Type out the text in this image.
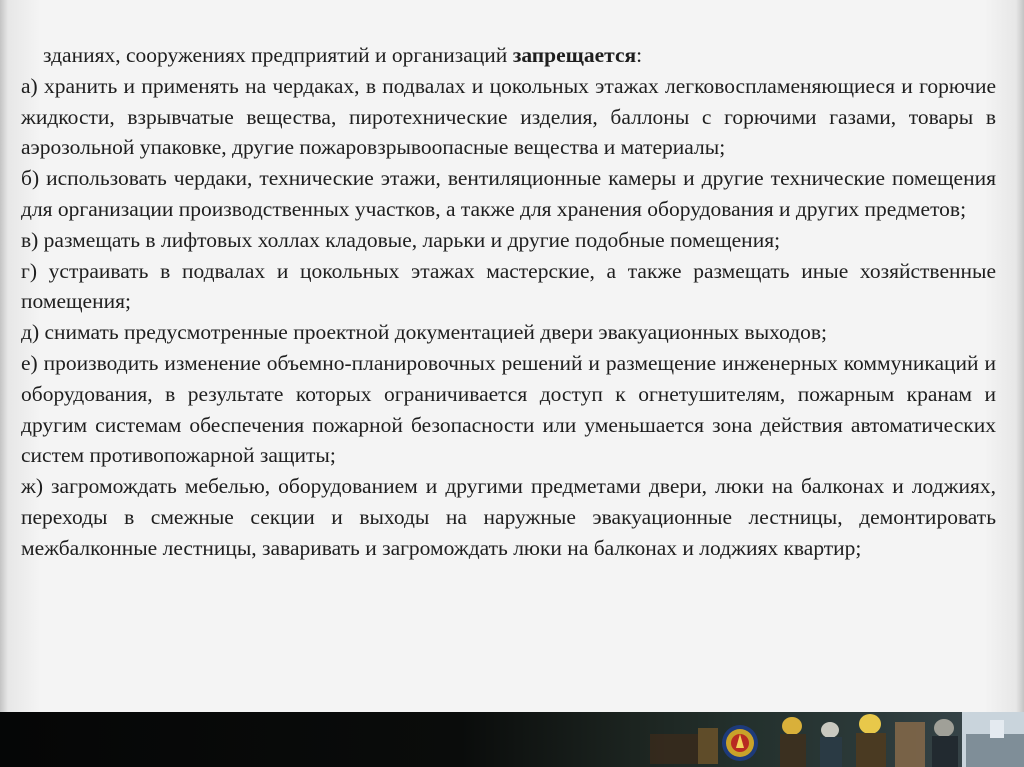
зданиях, сооружениях предприятий и организаций запрещается:

а) хранить и применять на чердаках, в подвалах и цокольных этажах легковоспламеняющиеся и горючие жидкости, взрывчатые вещества, пиротехнические изделия, баллоны с горючими газами, товары в аэрозольной упаковке, другие пожаровзрывоопасные вещества и материалы;

б) использовать чердаки, технические этажи, вентиляционные камеры и другие технические помещения для организации производственных участков, а также для хранения оборудования и других предметов;

в) размещать в лифтовых холлах кладовые, ларьки и другие подобные помещения;

г) устраивать в подвалах и цокольных этажах мастерские, а также размещать иные хозяйственные помещения;

д) снимать предусмотренные проектной документацией двери эвакуационных выходов;

е) производить изменение объемно-планировочных решений и размещение инженерных коммуникаций и оборудования, в результате которых ограничивается доступ к огнетушителям, пожарным кранам и другим системам обеспечения пожарной безопасности или уменьшается зона действия автоматических систем противопожарной защиты;

ж) загромождать мебелью, оборудованием и другими предметами двери, люки на балконах и лоджиях, переходы в смежные секции и выходы на наружные эвакуационные лестницы, демонтировать межбалконные лестницы, заваривать и загромождать люки на балконах и лоджиях квартир;
